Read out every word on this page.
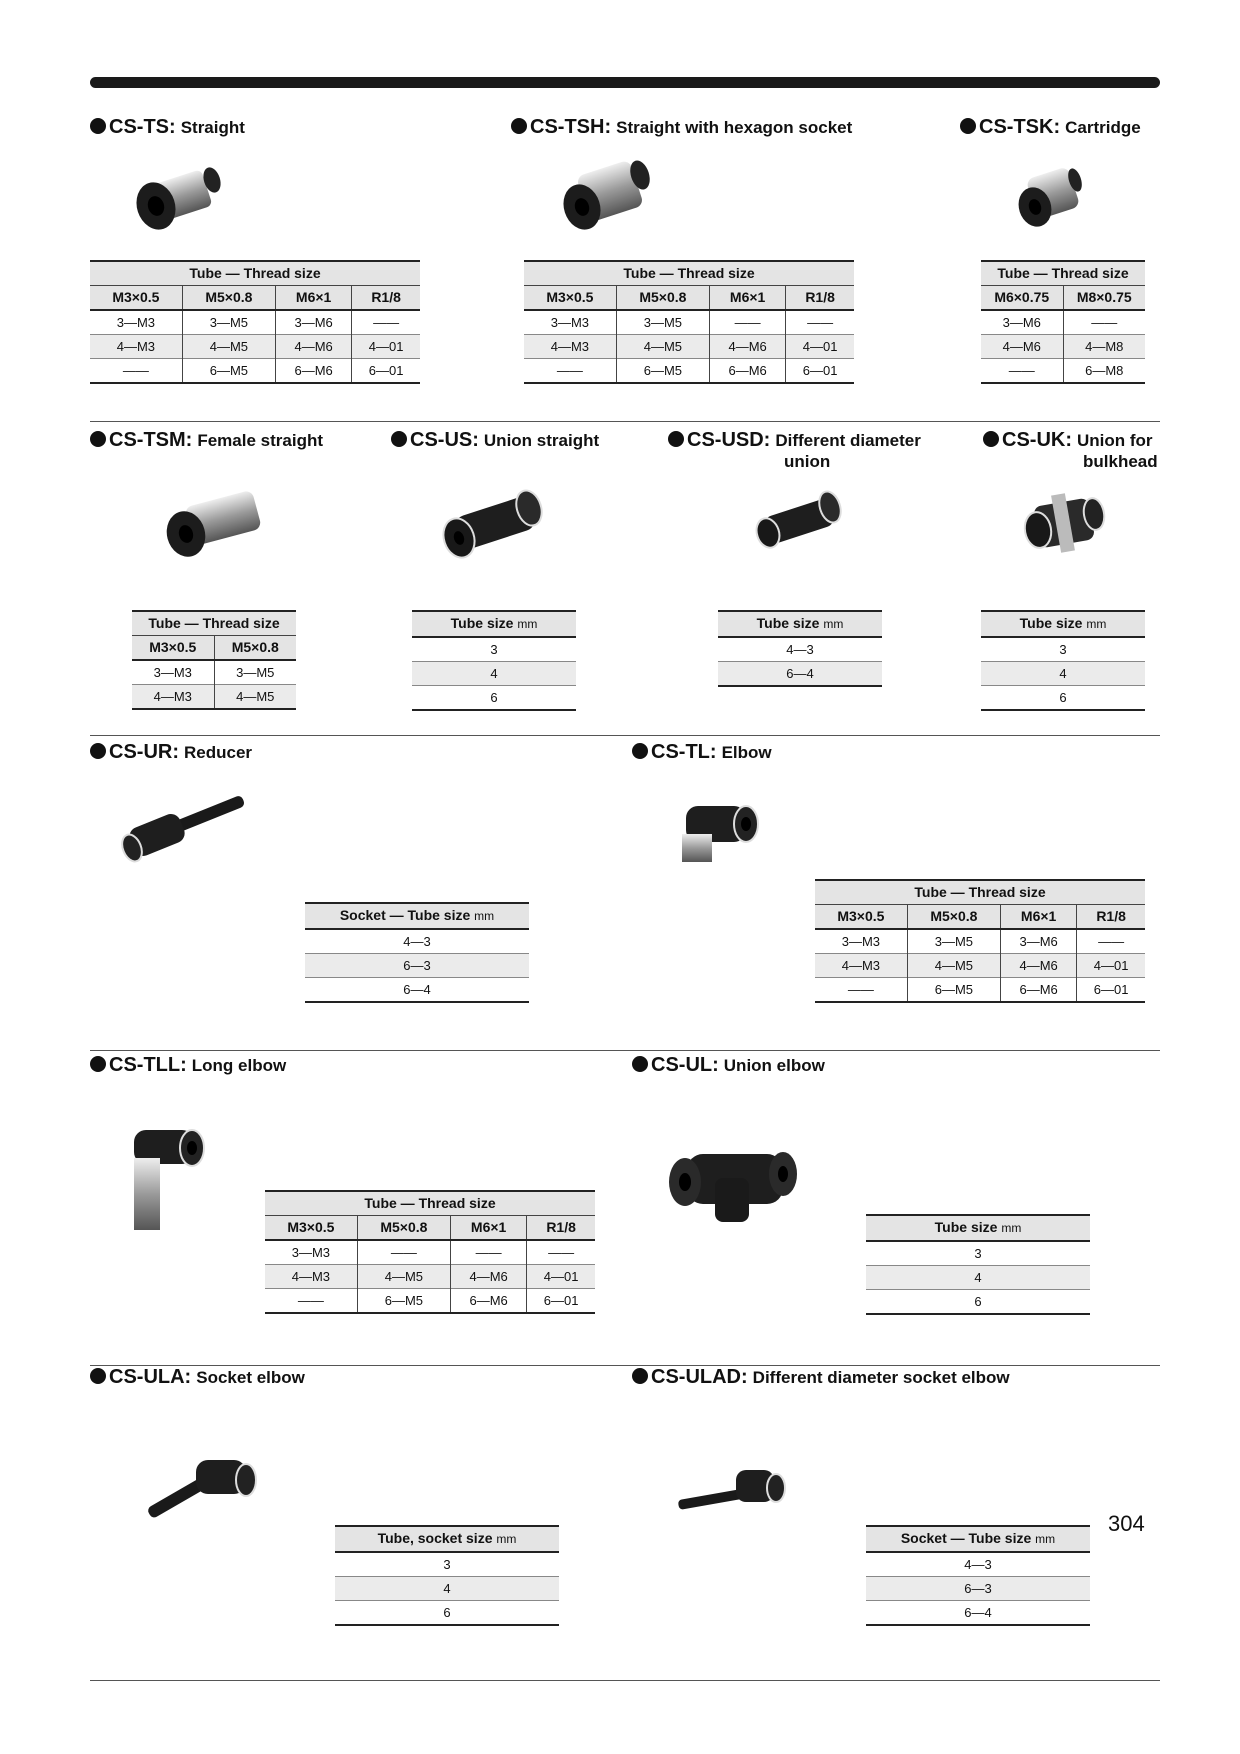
CS-TS: Straight	CS-TSH: Straight with hexagon socket	CS-TSK: Cartridge
Tube — Thread size			
M3×0.5	M5×0.8	M6×1	R1/8
3—M3	3—M5	3—M6	——
4—M3	4—M5	4—M6	4—01
——	6—M5	6—M6	6—01
Tube — Thread size			
M3×0.5	M5×0.8	M6×1	R1/8
3—M3	3—M5	——	——
4—M3	4—M5	4—M6	4—01
——	6—M5	6—M6	6—01
Tube — Thread size	
M6×0.75	M8×0.75
3—M6	——
4—M6	4—M8
——	6—M8
CS-TSM: Female straight	CS-US: Union straight	CS-USD: Different diameter
union
CS-UK: Union for
bulkhead
Tube — Thread size	
M3×0.5	M5×0.8
3—M3	3—M5
4—M3	4—M5
Tube size mm
3
4
6
Tube size mm
4—3
6—4
Tube size mm
3
4
6
CS-UR: Reducer	CS-TL: Elbow
Socket — Tube size mm
4—3
6—3
6—4
Tube — Thread size			
M3×0.5	M5×0.8	M6×1	R1/8
3—M3	3—M5	3—M6	——
4—M3	4—M5	4—M6	4—01
——	6—M5	6—M6	6—01
CS-TLL: Long elbow	CS-UL: Union elbow
Tube — Thread size			
M3×0.5	M5×0.8	M6×1	R1/8
3—M3	——	——	——
4—M3	4—M5	4—M6	4—01
——	6—M5	6—M6	6—01
Tube size mm
3
4
6
CS-ULA: Socket elbow	CS-ULAD: Different diameter socket elbow
Tube, socket size mm
3
4
6
Socket — Tube size mm
4—3
6—3
6—4
304
